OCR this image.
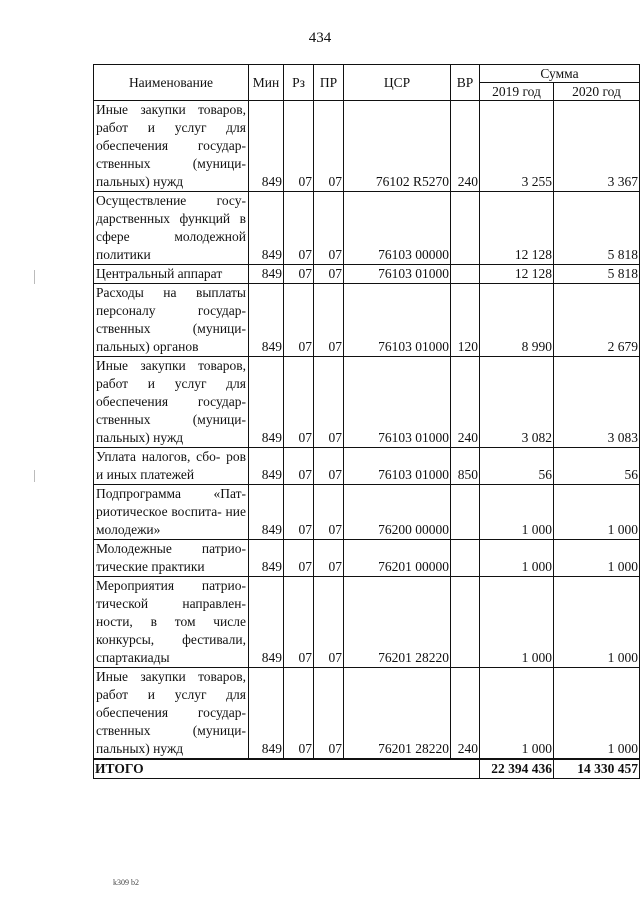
434
Наименование	Мин	Рз	ПР	ЦСР	ВР	Сумма	
						2019 год	2020 год
Иные закупки товаров, работ и услуг для обеспечения государ- ственных (муници- пальных) нужд	849	07	07	76102 R5270	240	3 255	3 367
Осуществление госу- дарственных функций в сфере молодежной политики	849	07	07	76103 00000		12 128	5 818
Центральный аппарат	849	07	07	76103 01000		12 128	5 818
Расходы на выплаты персоналу государ- ственных (муници- пальных) органов	849	07	07	76103 01000	120	8 990	2 679
Иные закупки товаров, работ и услуг для обеспечения государ- ственных (муници- пальных) нужд	849	07	07	76103 01000	240	3 082	3 083
Уплата налогов, сбо- ров и иных платежей	849	07	07	76103 01000	850	56	56
Подпрограмма «Пат- риотическое воспита- ние молодежи»	849	07	07	76200 00000		1 000	1 000
Молодежные патрио- тические практики	849	07	07	76201 00000		1 000	1 000
Мероприятия патрио- тической направлен- ности, в том числе конкурсы, фестивали, спартакиады	849	07	07	76201 28220		1 000	1 000
Иные закупки товаров, работ и услуг для обеспечения государ- ственных (муници- пальных) нужд	849	07	07	76201 28220	240	1 000	1 000
ИТОГО						22 394 436	14 330 457
k309 b2
